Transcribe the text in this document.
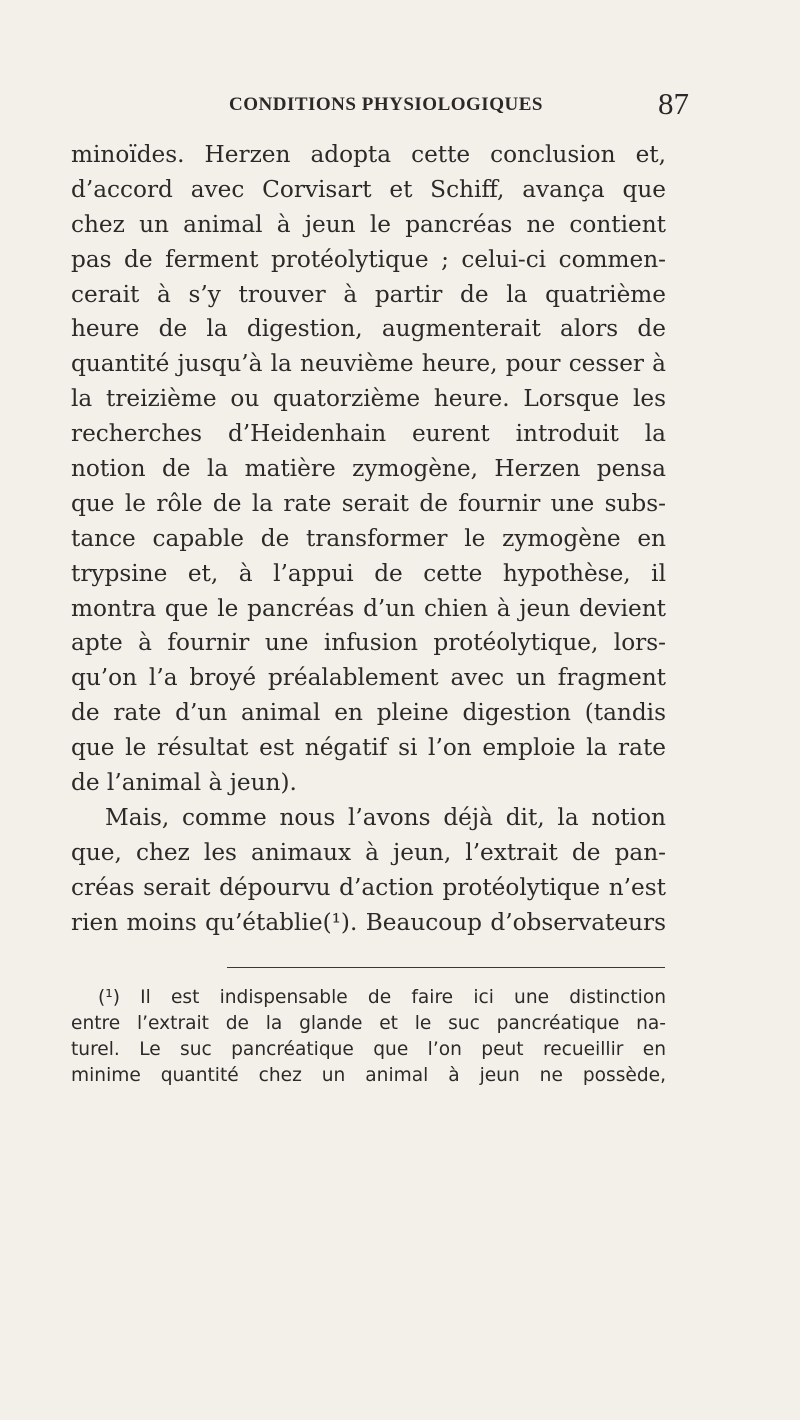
CONDITIONS PHYSIOLOGIQUES	87
minoïdes. Herzen adopta cette conclusion et,
d’accord avec Corvisart et Schiff, avança que
chez un animal à jeun le pancréas ne contient
pas de ferment protéolytique ; celui-ci commen-
cerait à s’y trouver à partir de la quatrième
heure de la digestion, augmenterait alors de
quantité jusqu’à la neuvième heure, pour cesser à
la treizième ou quatorzième heure. Lorsque les
recherches d’Heidenhain eurent introduit la
notion de la matière zymogène, Herzen pensa
que le rôle de la rate serait de fournir une subs-
tance capable de transformer le zymogène en
trypsine et, à l’appui de cette hypothèse, il
montra que le pancréas d’un chien à jeun devient
apte à fournir une infusion protéolytique, lors-
qu’on l’a broyé préalablement avec un fragment
de rate d’un animal en pleine digestion (tandis
que le résultat est négatif si l’on emploie la rate
de l’animal à jeun).
Mais, comme nous l’avons déjà dit, la notion
que, chez les animaux à jeun, l’extrait de pan-
créas serait dépourvu d’action protéolytique n’est
rien moins qu’établie(¹). Beaucoup d’observateurs
(¹) Il est indispensable de faire ici une distinction
entre l’extrait de la glande et le suc pancréatique na-
turel. Le suc pancréatique que l’on peut recueillir en
minime quantité chez un animal à jeun ne possède,
